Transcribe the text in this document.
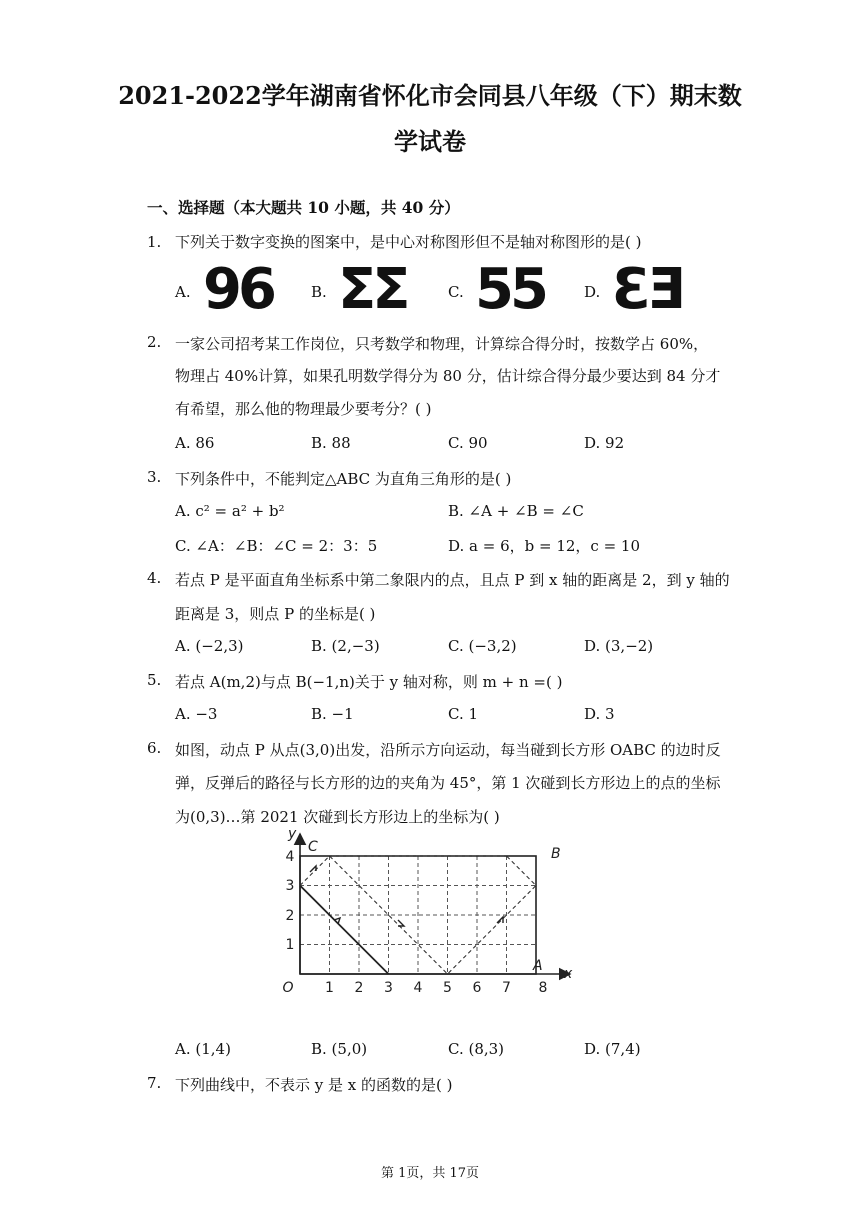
2021-2022学年湖南省怀化市会同县八年级（下）期末数
学试卷
一、选择题（本大题共 10 小题，共 40 分）
1. 下列关于数字变换的图案中，是中心对称图形但不是轴对称图形的是( )
A. 96	B. ΣΣ	C. 55	D. ƐƎ
2. 一家公司招考某工作岗位，只考数学和物理，计算综合得分时，按数学占 60%，
物理占 40%计算，如果孔明数学得分为 80 分，估计综合得分最少要达到 84 分才
有希望，那么他的物理最少要考分？( )
A. 86	B. 88	C. 90	D. 92
3. 下列条件中，不能判定△ABC 为直角三角形的是( )
A. c² = a² + b²	B. ∠A + ∠B = ∠C
C. ∠A：∠B：∠C = 2：3：5	D. a = 6，b = 12，c = 10
4. 若点 P 是平面直角坐标系中第二象限内的点，且点 P 到 x 轴的距离是 2，到 y 轴的
距离是 3，则点 P 的坐标是( )
A. (−2,3)	B. (2,−3)	C. (−3,2)	D. (3,−2)
5. 若点 A(m,2)与点 B(−1,n)关于 y 轴对称，则 m + n =( )
A. −3	B. −1	C. 1	D. 3
6. 如图，动点 P 从点(3,0)出发，沿所示方向运动，每当碰到长方形 OABC 的边时反
弹，反弹后的路径与长方形的边的夹角为 45°，第 1 次碰到长方形边上的点的坐标
为(0,3)…第 2021 次碰到长方形边上的坐标为( )
1 2 3 4 5 6 7 8
1
2
3
4
O
x
y
A
B
C
A. (1,4)	B. (5,0)	C. (8,3)	D. (7,4)
7. 下列曲线中，不表示 y 是 x 的函数的是( )
第 1页，共 17页
